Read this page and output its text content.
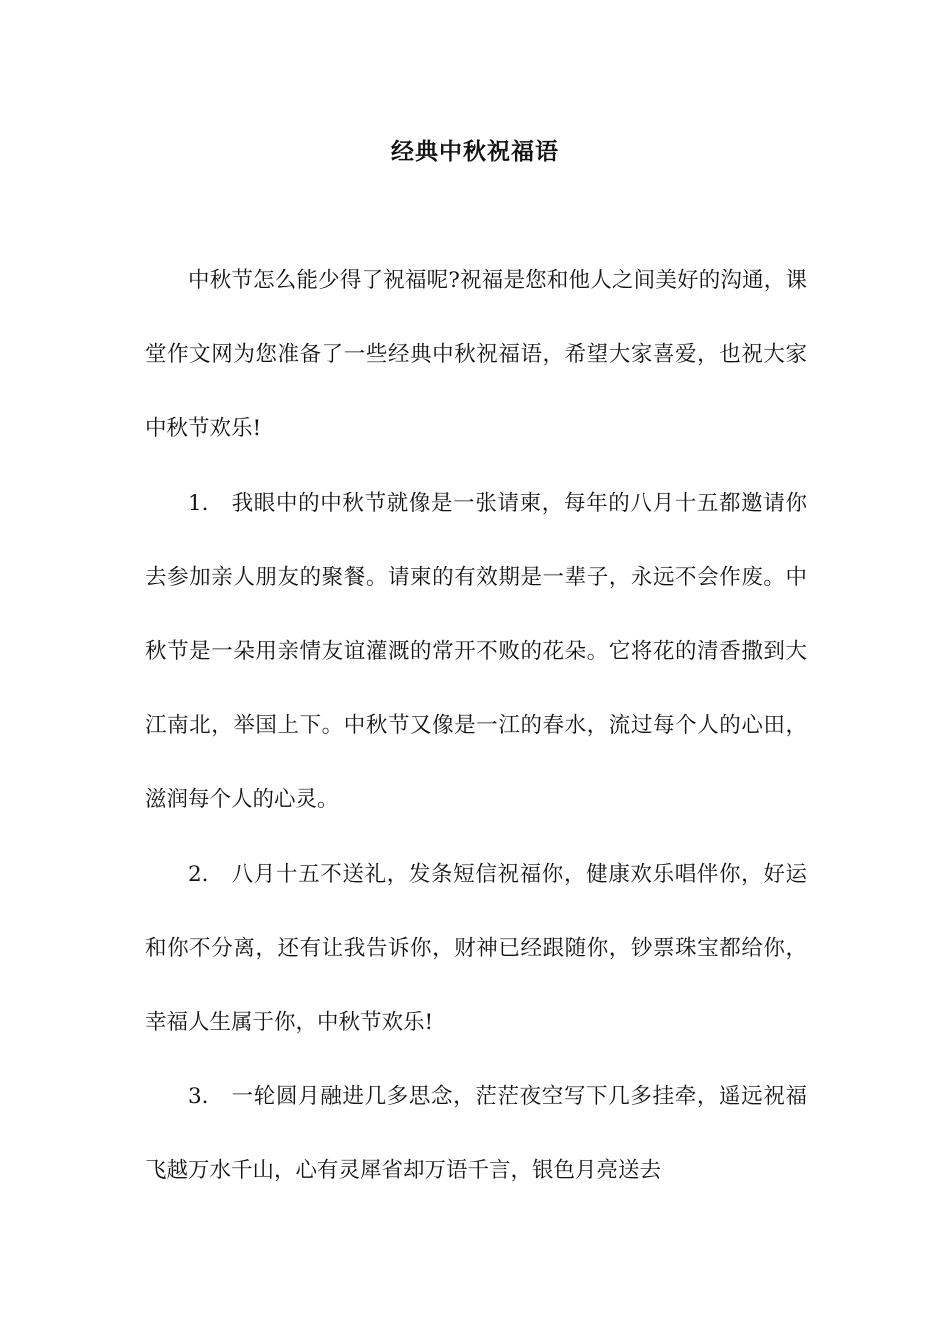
经典中秋祝福语

中秋节怎么能少得了祝福呢?祝福是您和他人之间美好的沟通，课堂作文网为您准备了一些经典中秋祝福语，希望大家喜爱，也祝大家中秋节欢乐!

1. 我眼中的中秋节就像是一张请柬，每年的八月十五都邀请你去参加亲人朋友的聚餐。请柬的有效期是一辈子，永远不会作废。中秋节是一朵用亲情友谊灌溉的常开不败的花朵。它将花的清香撒到大江南北，举国上下。中秋节又像是一江的春水，流过每个人的心田，滋润每个人的心灵。

2. 八月十五不送礼，发条短信祝福你，健康欢乐唱伴你，好运和你不分离，还有让我告诉你，财神已经跟随你，钞票珠宝都给你，幸福人生属于你，中秋节欢乐!

3. 一轮圆月融进几多思念，茫茫夜空写下几多挂牵，遥远祝福飞越万水千山，心有灵犀省却万语千言，银色月亮送去
